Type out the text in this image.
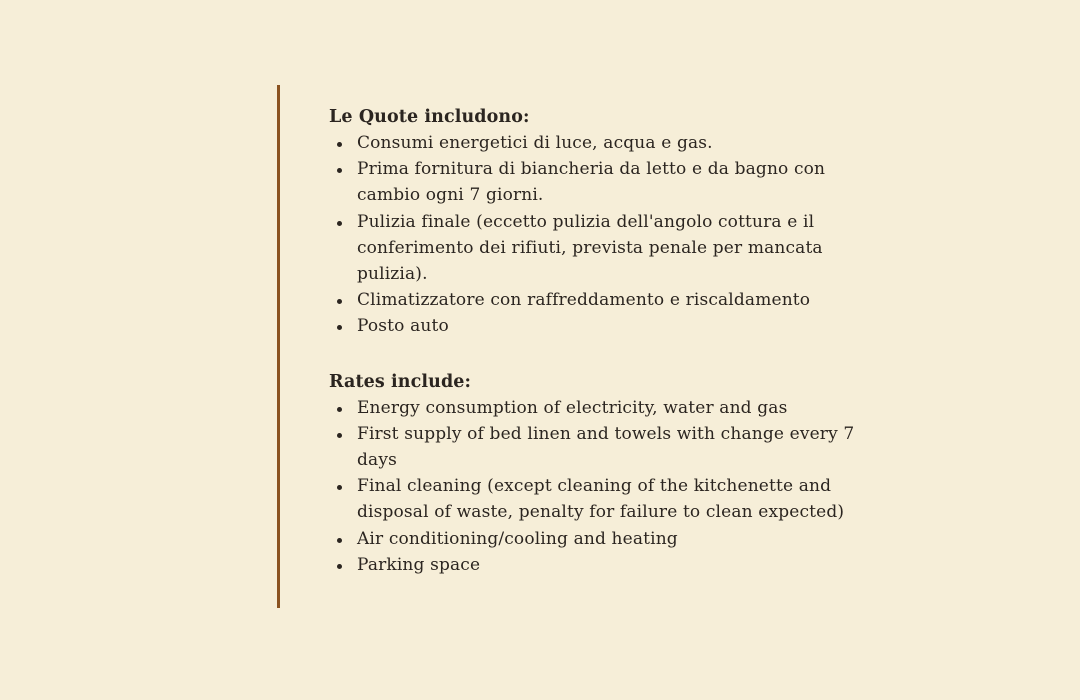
Le Quote includono:

Consumi energetici di luce, acqua e gas.
Prima fornitura di biancheria da letto e da bagno con cambio ogni 7 giorni.
Pulizia finale (eccetto pulizia dell'angolo cottura e il conferimento dei rifiuti, prevista penale per mancata pulizia).
Climatizzatore con raffreddamento e riscaldamento
Posto auto

Rates include:

Energy consumption of electricity, water and gas
First supply of bed linen and towels with change every 7 days
Final cleaning (except cleaning of the kitchenette and disposal of waste, penalty for failure to clean expected)
Air conditioning/cooling and heating
Parking space
